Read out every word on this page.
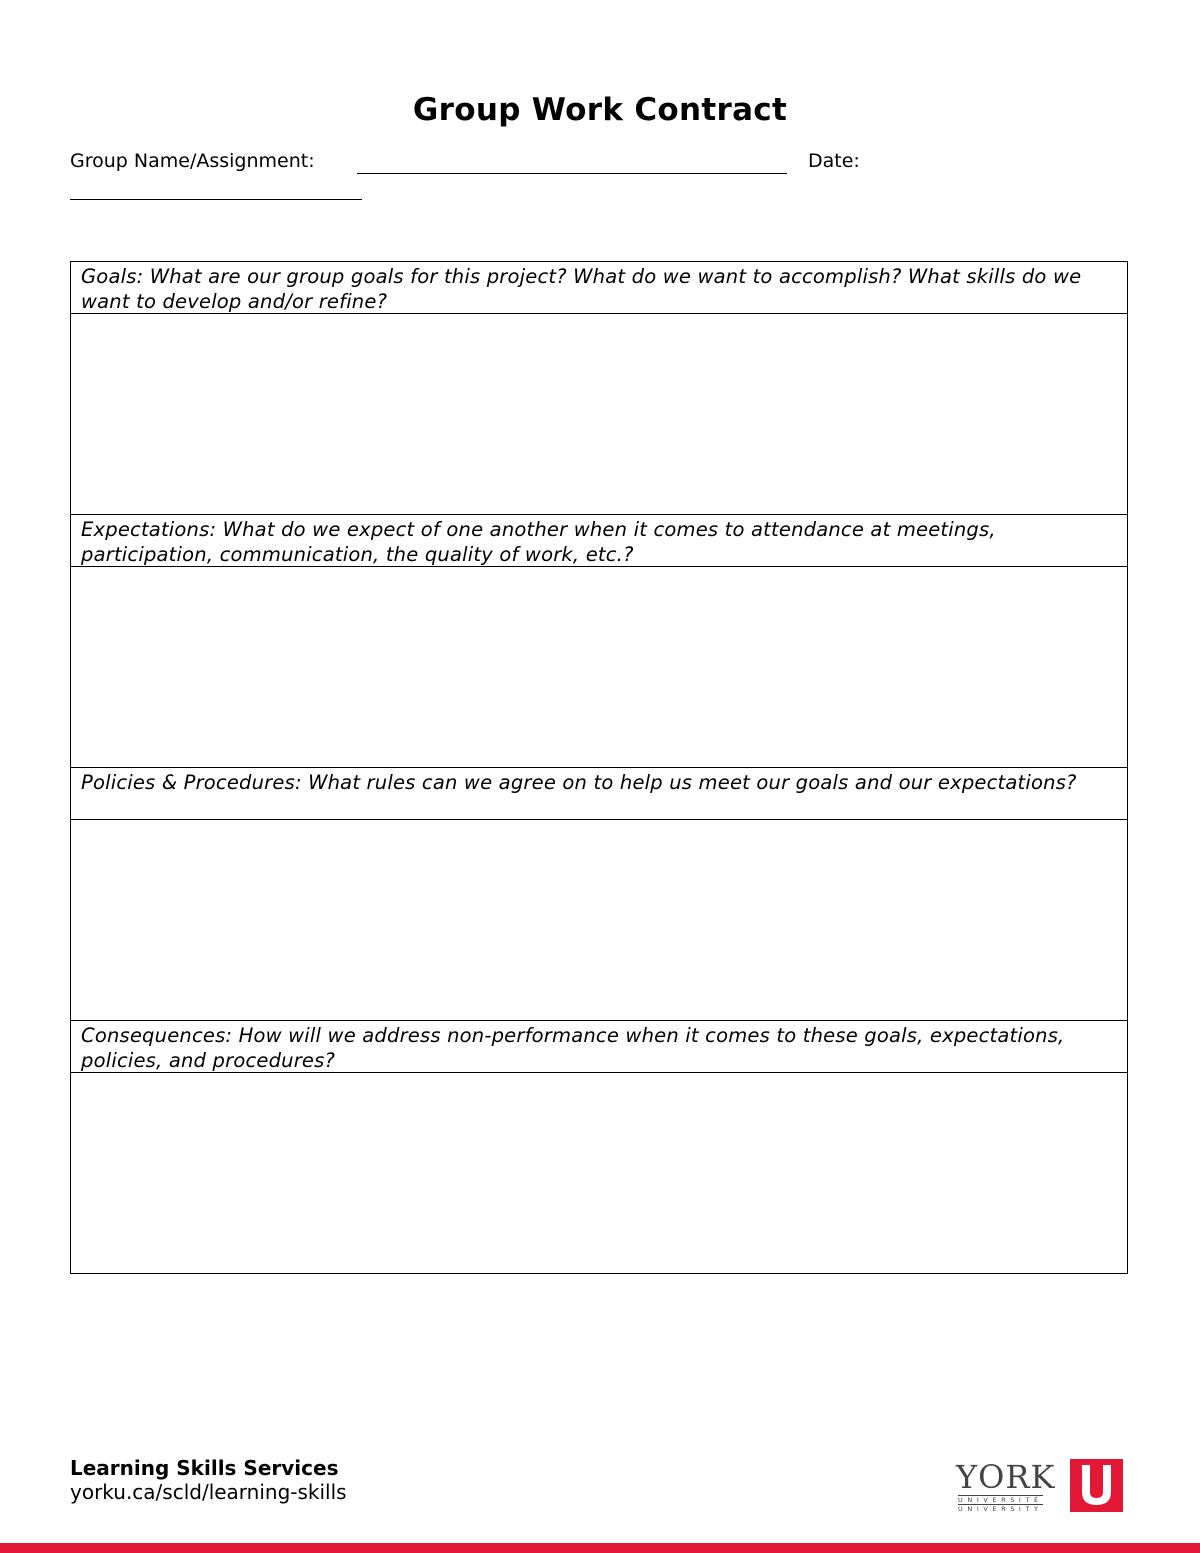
Group Work Contract
Group Name/Assignment:	Date:
Goals: What are our group goals for this project? What do we want to accomplish? What skills do we want to develop and/or refine?
Expectations: What do we expect of one another when it comes to attendance at meetings, participation, communication, the quality of work, etc.?
Policies & Procedures: What rules can we agree on to help us meet our goals and our expectations?
Consequences: How will we address non-performance when it comes to these goals, expectations, policies, and procedures?
Learning Skills Services
yorku.ca/scld/learning-skills	YORK
UNIVERSITÉ
UNIVERSITY
